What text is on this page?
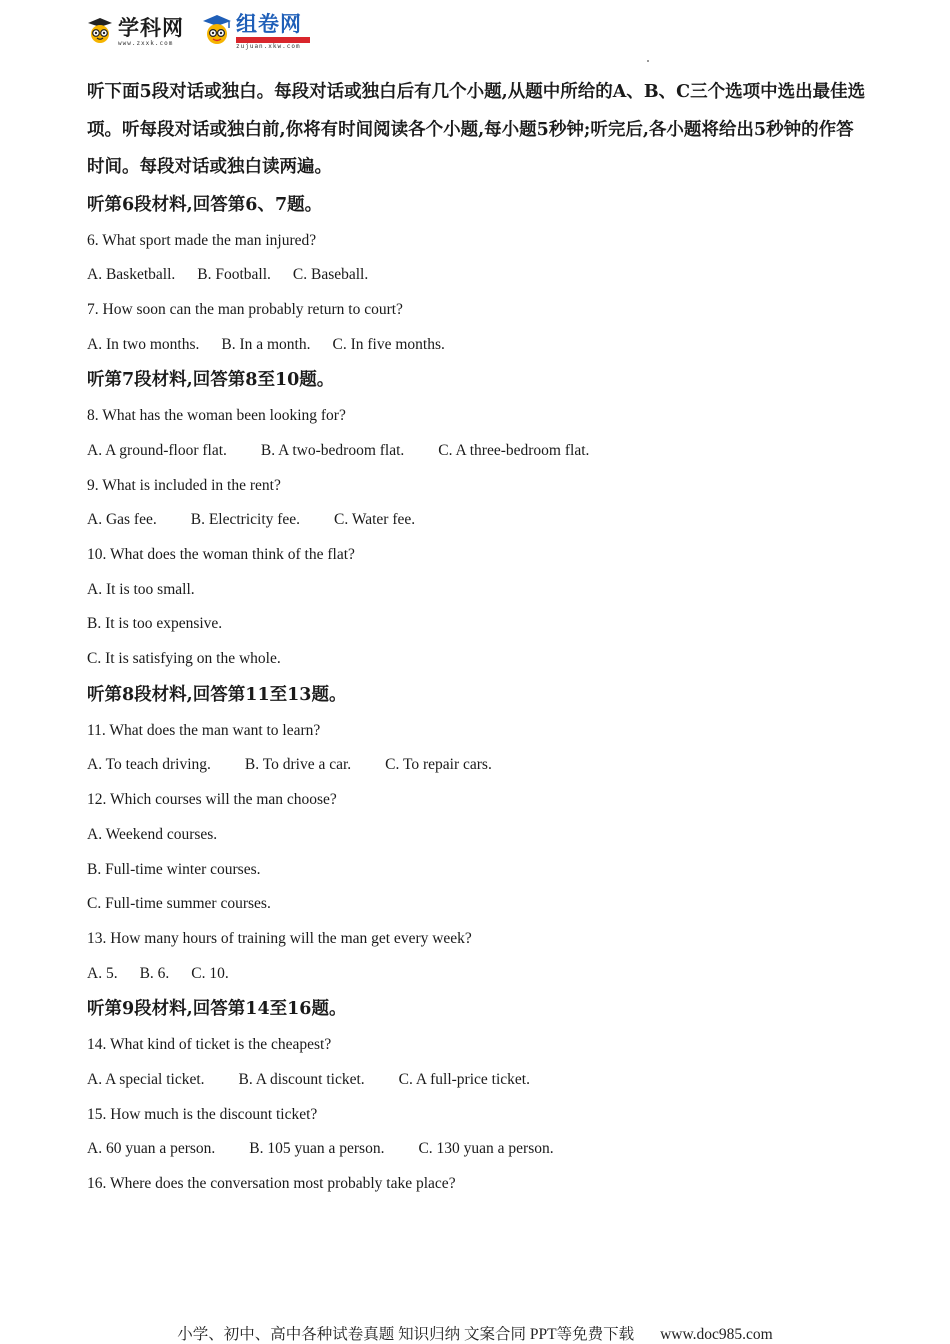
学科网
www.zxxk.com
组卷网
zujuan.xkw.com

听下面5段对话或独白。每段对话或独白后有几个小题,从题中所给的A、B、C三个选项中选出最佳选项。听每段对话或独白前,你将有时间阅读各个小题,每小题5秒钟;听完后,各小题将给出5秒钟的作答时间。每段对话或独白读两遍。

听第6段材料,回答第6、7题。

6. What sport made the man injured?

A. Basketball. B. Football. C. Baseball.

7. How soon can the man probably return to court?

A. In two months. B. In a month. C. In five months.

听第7段材料,回答第8至10题。

8. What has the woman been looking for?

A. A ground-floor flat. B. A two-bedroom flat. C. A three-bedroom flat.

9. What is included in the rent?

A. Gas fee. B. Electricity fee. C. Water fee.

10. What does the woman think of the flat?

A. It is too small.

B. It is too expensive.

C. It is satisfying on the whole.

听第8段材料,回答第11至13题。

11. What does the man want to learn?

A. To teach driving. B. To drive a car. C. To repair cars.

12. Which courses will the man choose?

A. Weekend courses.

B. Full-time winter courses.

C. Full-time summer courses.

13. How many hours of training will the man get every week?

A. 5. B. 6. C. 10.

听第9段材料,回答第14至16题。

14. What kind of ticket is the cheapest?

A. A special ticket. B. A discount ticket. C. A full-price ticket.

15. How much is the discount ticket?

A. 60 yuan a person. B. 105 yuan a person. C. 130 yuan a person.

16. Where does the conversation most probably take place?

小学、初中、高中各种试卷真题 知识归纳 文案合同 PPT等免费下载 www.doc985.com
